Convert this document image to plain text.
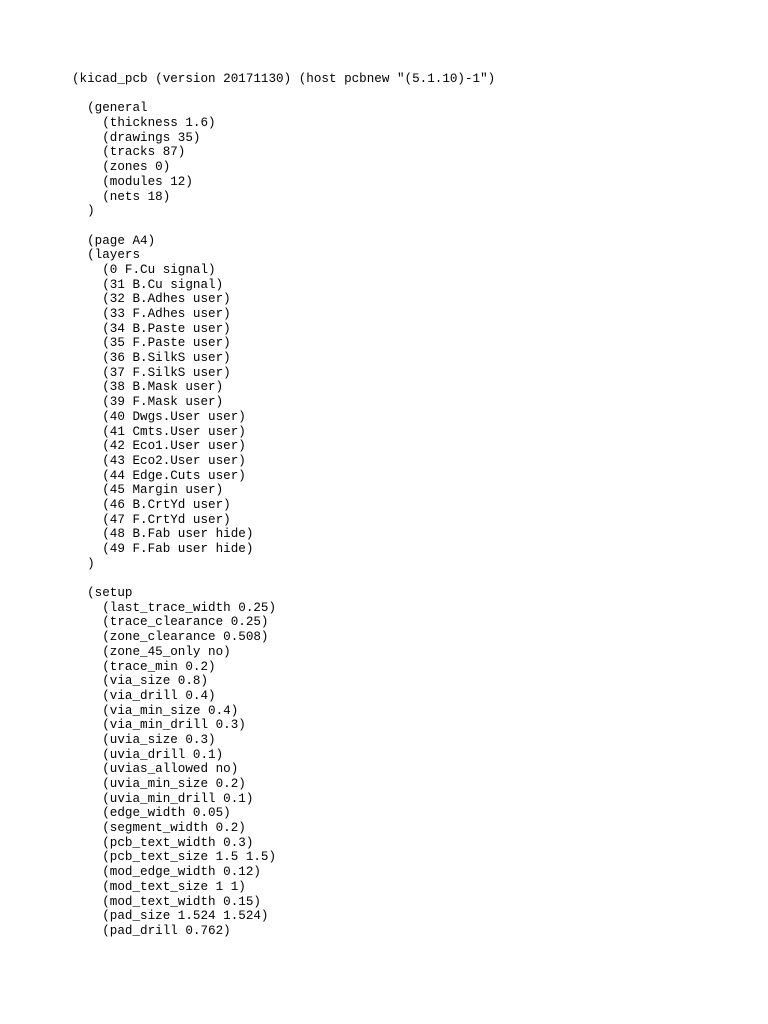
(kicad_pcb (version 20171130) (host pcbnew "(5.1.10)-1")
(general
(thickness 1.6)
(drawings 35)
(tracks 87)
(zones 0)
(modules 12)
(nets 18)
)
(page A4)
(layers
(0 F.Cu signal)
(31 B.Cu signal)
(32 B.Adhes user)
(33 F.Adhes user)
(34 B.Paste user)
(35 F.Paste user)
(36 B.SilkS user)
(37 F.SilkS user)
(38 B.Mask user)
(39 F.Mask user)
(40 Dwgs.User user)
(41 Cmts.User user)
(42 Eco1.User user)
(43 Eco2.User user)
(44 Edge.Cuts user)
(45 Margin user)
(46 B.CrtYd user)
(47 F.CrtYd user)
(48 B.Fab user hide)
(49 F.Fab user hide)
)
(setup
(last_trace_width 0.25)
(trace_clearance 0.25)
(zone_clearance 0.508)
(zone_45_only no)
(trace_min 0.2)
(via_size 0.8)
(via_drill 0.4)
(via_min_size 0.4)
(via_min_drill 0.3)
(uvia_size 0.3)
(uvia_drill 0.1)
(uvias_allowed no)
(uvia_min_size 0.2)
(uvia_min_drill 0.1)
(edge_width 0.05)
(segment_width 0.2)
(pcb_text_width 0.3)
(pcb_text_size 1.5 1.5)
(mod_edge_width 0.12)
(mod_text_size 1 1)
(mod_text_width 0.15)
(pad_size 1.524 1.524)
(pad_drill 0.762)
